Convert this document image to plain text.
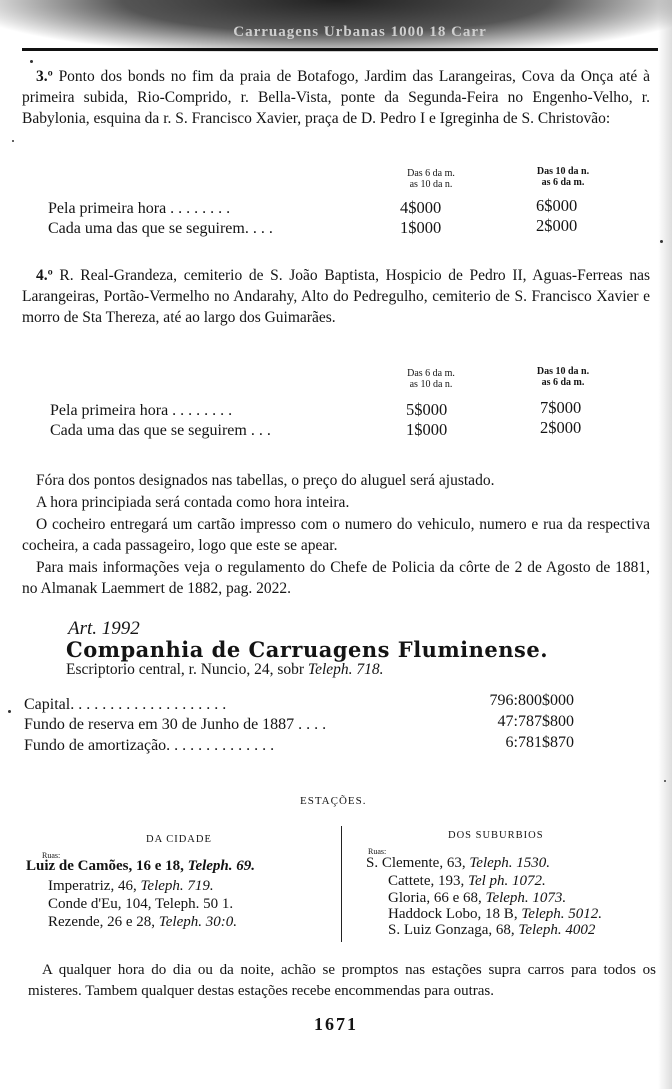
Carruagens Urbanas 1000 18 Carr
3.º Ponto dos bonds no fim da praia de Botafogo, Jardim das Larangeiras, Cova da Onça até à primeira subida, Rio-Comprido, r. Bella-Vista, ponte da Segunda-Feira no Engenho-Velho, r. Babylonia, esquina da r. S. Francisco Xavier, praça de D. Pedro I e Igreginha de S. Christovão:
Das 6 da m.
as 10 da n.
Das 10 da n.
as 6 da m.
Pela primeira hora . . . . . . . .	4$000	6$000
Cada uma das que se seguirem. . . .	1$000	2$000
4.º R. Real-Grandeza, cemiterio de S. João Baptista, Hospicio de Pedro II, Aguas-Ferreas nas Larangeiras, Portão-Vermelho no Andarahy, Alto do Pedregulho, cemiterio de S. Francisco Xavier e morro de Sta Thereza, até ao largo dos Guimarães.
Das 6 da m.
as 10 da n.
Das 10 da n.
as 6 da m.
Pela primeira hora . . . . . . . .	5$000	7$000
Cada uma das que se seguirem . . .	1$000	2$000
Fóra dos pontos designados nas tabellas, o preço do aluguel será ajustado.
A hora principiada será contada como hora inteira.
O cocheiro entregará um cartão impresso com o numero do vehiculo, numero e rua da respectiva cocheira, a cada passageiro, logo que este se apear.
Para mais informações veja o regulamento do Chefe de Policia da côrte de 2 de Agosto de 1881, no Almanak Laemmert de 1882, pag. 2022.
Art. 1992
Companhia de Carruagens Fluminense.
Escriptorio central, r. Nuncio, 24, sobr Teleph. 718.
Capital. . . . . . . . . . . . . . . . . . . .	796:800$000
Fundo de reserva em 30 de Junho de 1887 . . . .	47:787$800
Fundo de amortização. . . . . . . . . . . . . .	6:781$870
ESTAÇÕES.
DA CIDADE
Ruas:
Luiz de Camões, 16 e 18, Teleph. 69.
Imperatriz, 46, Teleph. 719.
Conde d'Eu, 104, Teleph. 50 1.
Rezende, 26 e 28, Teleph. 30:0.
DOS SUBURBIOS
Ruas:
S. Clemente, 63, Teleph. 1530.
Cattete, 193, Tel ph. 1072.
Gloria, 66 e 68, Teleph. 1073.
Haddock Lobo, 18 B, Teleph. 5012.
S. Luiz Gonzaga, 68, Teleph. 4002
A qualquer hora do dia ou da noite, achão se promptos nas estações supra carros para todos os misteres. Tambem qualquer destas estações recebe encommendas para outras.
1671
